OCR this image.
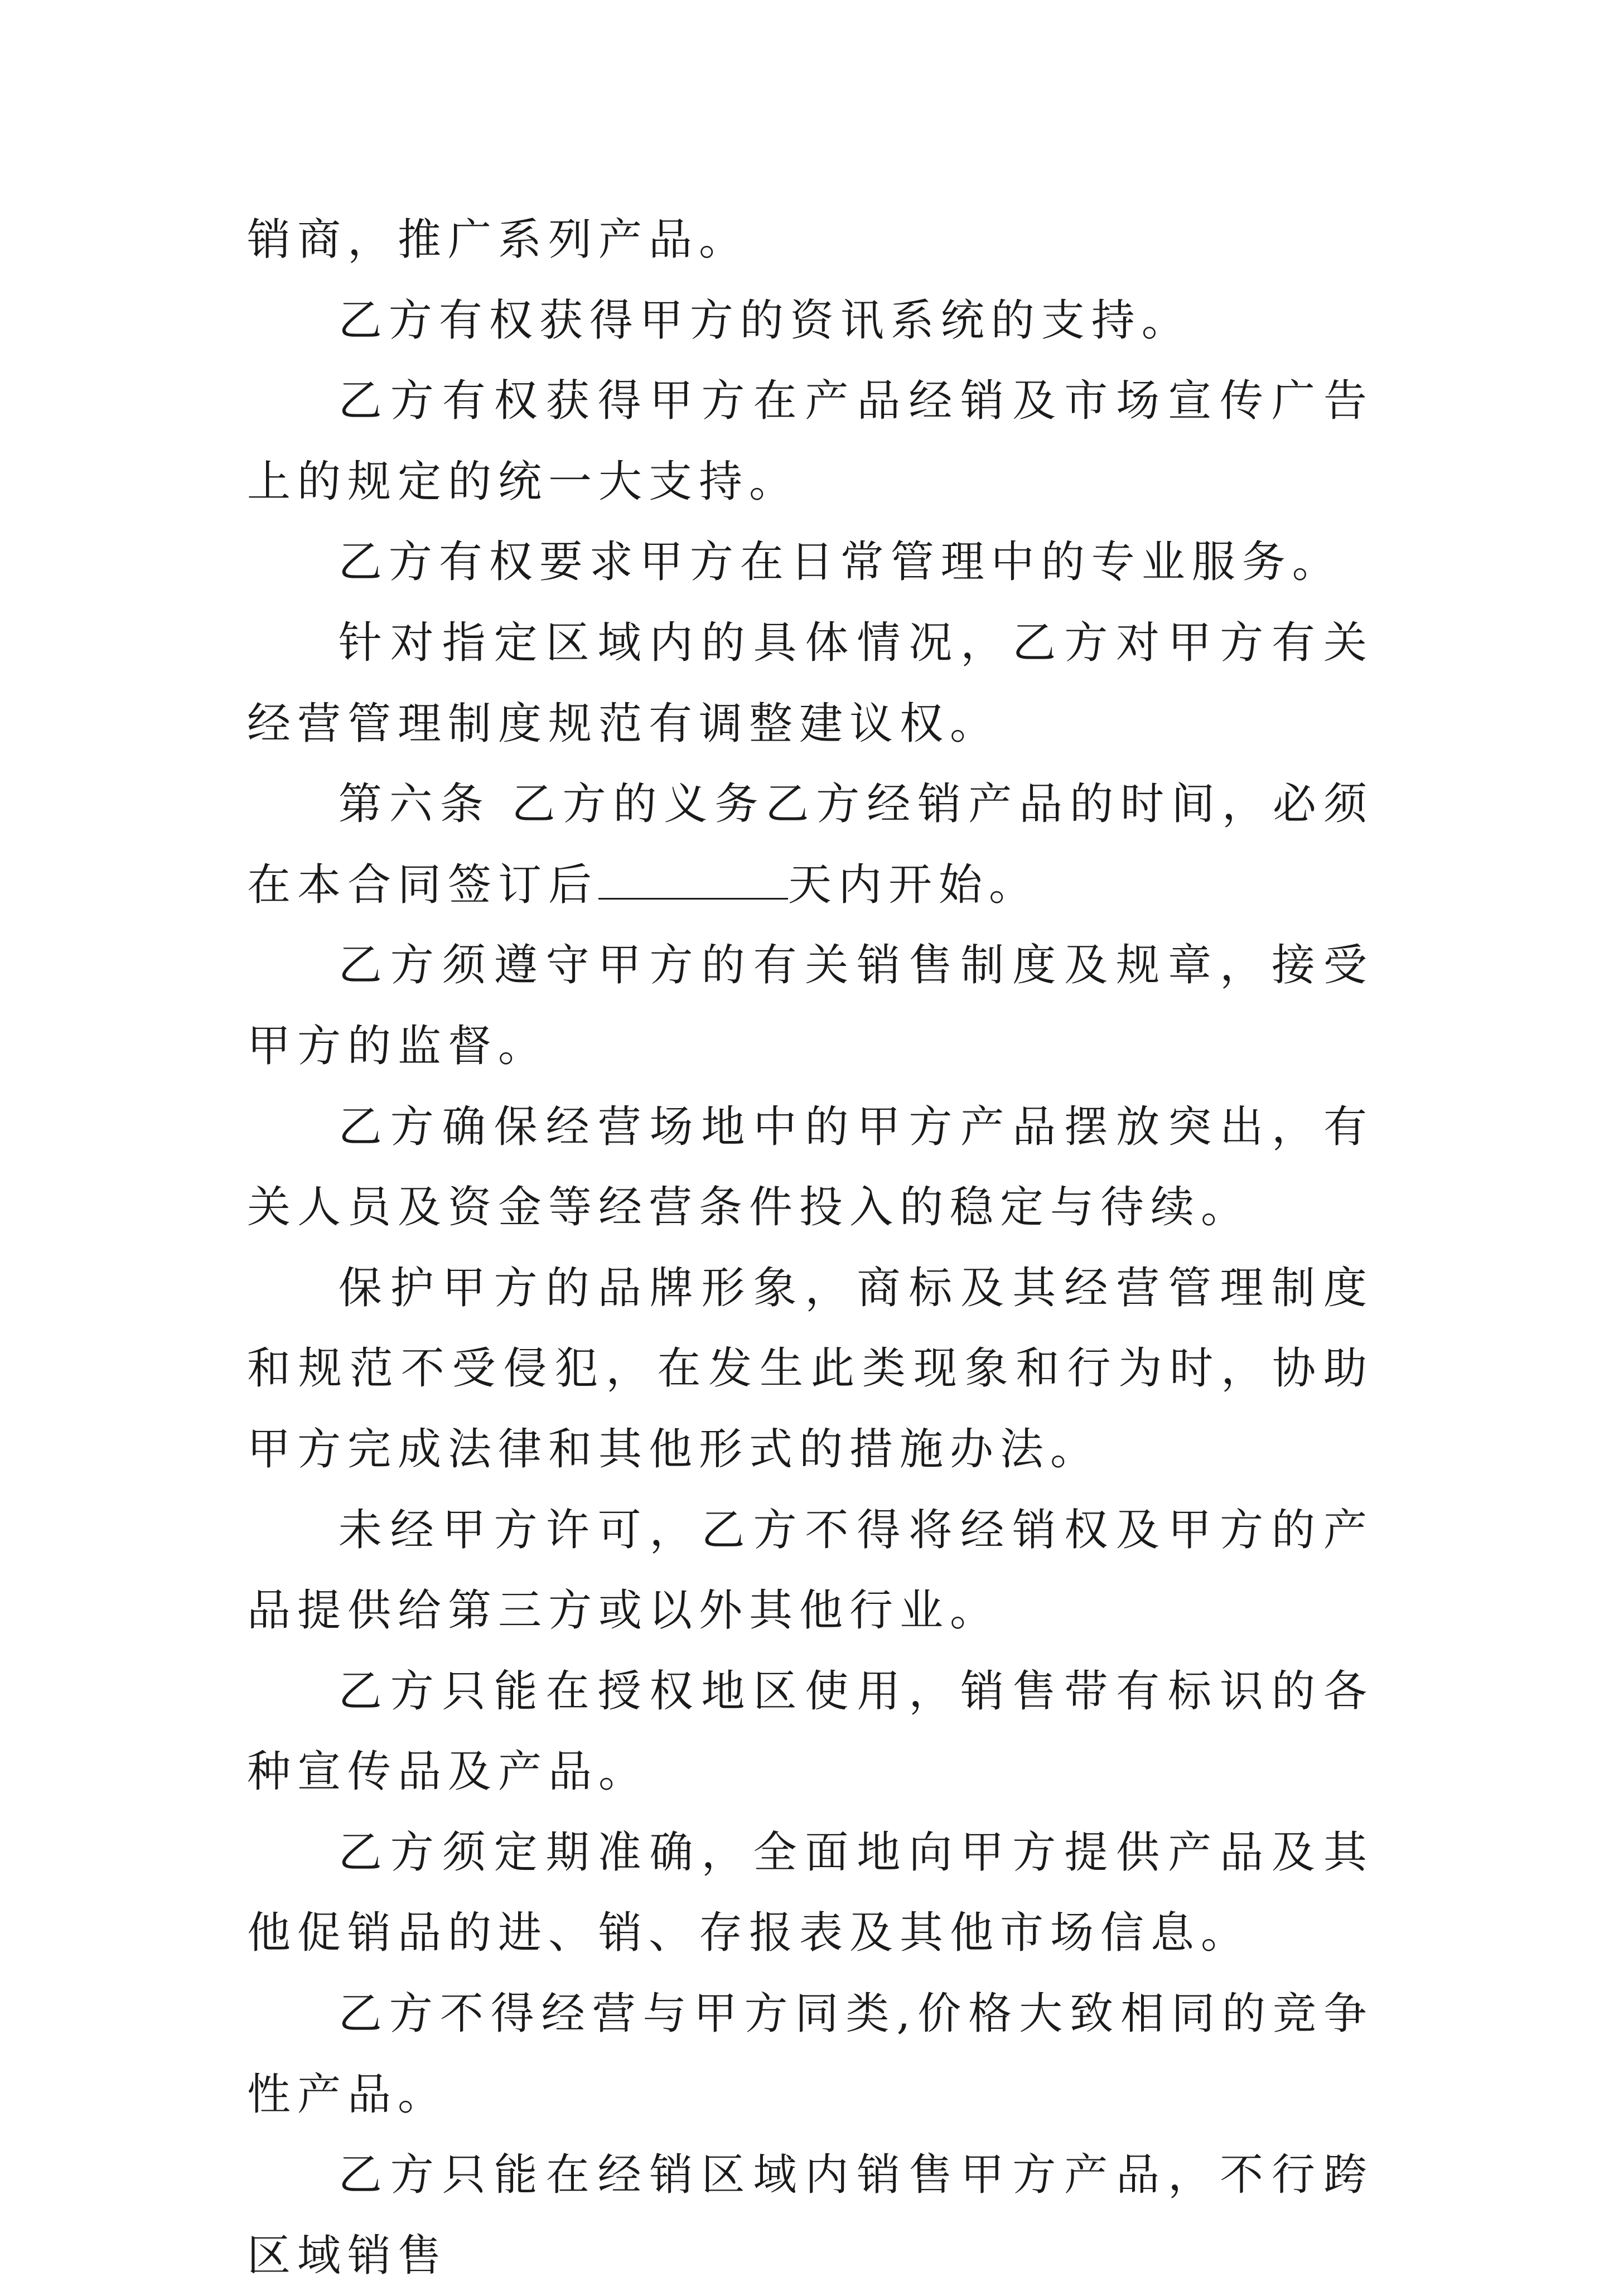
销商，推广系列产品。

乙方有权获得甲方的资讯系统的支持。

乙方有权获得甲方在产品经销及市场宣传广告上的规定的统一大支持。

乙方有权要求甲方在日常管理中的专业服务。

针对指定区域内的具体情况，乙方对甲方有关经营管理制度规范有调整建议权。

第六条 乙方的义务乙方经销产品的时间，必须在本合同签订后	天内开始。

乙方须遵守甲方的有关销售制度及规章，接受甲方的监督。

乙方确保经营场地中的甲方产品摆放突出，有关人员及资金等经营条件投入的稳定与待续。

保护甲方的品牌形象，商标及其经营管理制度和规范不受侵犯，在发生此类现象和行为时，协助甲方完成法律和其他形式的措施办法。

未经甲方许可，乙方不得将经销权及甲方的产品提供给第三方或以外其他行业。

乙方只能在授权地区使用，销售带有标识的各种宣传品及产品。

乙方须定期准确，全面地向甲方提供产品及其他促销品的进、销、存报表及其他市场信息。

乙方不得经营与甲方同类,价格大致相同的竞争性产品。

乙方只能在经销区域内销售甲方产品，不行跨区域销售
